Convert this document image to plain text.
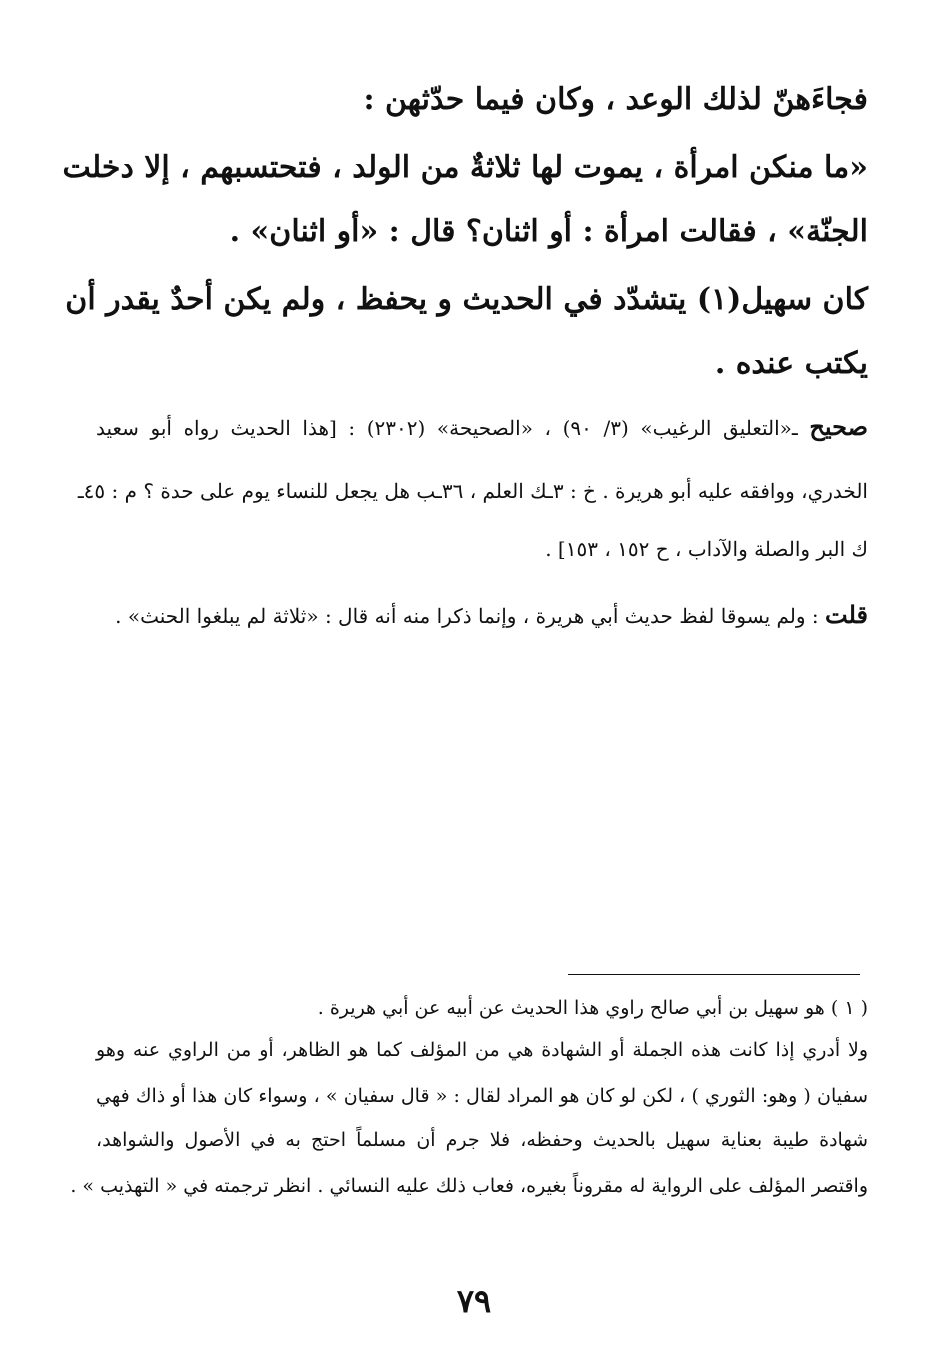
فجاءَهنّ لذلك الوعد ، وكان فيما حدّثهن :
«ما منكن امرأة ، يموت لها ثلاثةٌ من الولد ، فتحتسبهم ، إلا دخلت
الجنّة» ، فقالت امرأة : أو اثنان؟ قال : «أو اثنان» .
كان سهيل(١) يتشدّد في الحديث و يحفظ ، ولم يكن أحدٌ يقدر أن
يكتب عنده .
صحيح ـ«التعليق الرغيب» (٣/ ٩٠) ، «الصحيحة» (٢٣٠٢) : [هذا الحديث رواه أبو سعيد
الخدري، ووافقه عليه أبو هريرة . خ : ٣ـك العلم ، ٣٦ـب هل يجعل للنساء يوم على حدة ؟ م : ٤٥ـ
ك البر والصلة والآداب ، ح ١٥٢ ، ١٥٣] .
قلت : ولم يسوقا لفظ حديث أبي هريرة ، وإنما ذكرا منه أنه قال : «ثلاثة لم يبلغوا الحنث» .
( ١ ) هو سهيل بن أبي صالح راوي هذا الحديث عن أبيه عن أبي هريرة .
ولا أدري إذا كانت هذه الجملة أو الشهادة هي من المؤلف كما هو الظاهر، أو من الراوي عنه وهو
سفيان ( وهو: الثوري ) ، لكن لو كان هو المراد لقال : « قال سفيان » ، وسواء كان هذا أو ذاك فهي
شهادة طيبة بعناية سهيل بالحديث وحفظه، فلا جرم أن مسلماً احتج به في الأصول والشواهد،
واقتصر المؤلف على الرواية له مقروناً بغيره، فعاب ذلك عليه النسائي . انظر ترجمته في « التهذيب » .
٧٩
